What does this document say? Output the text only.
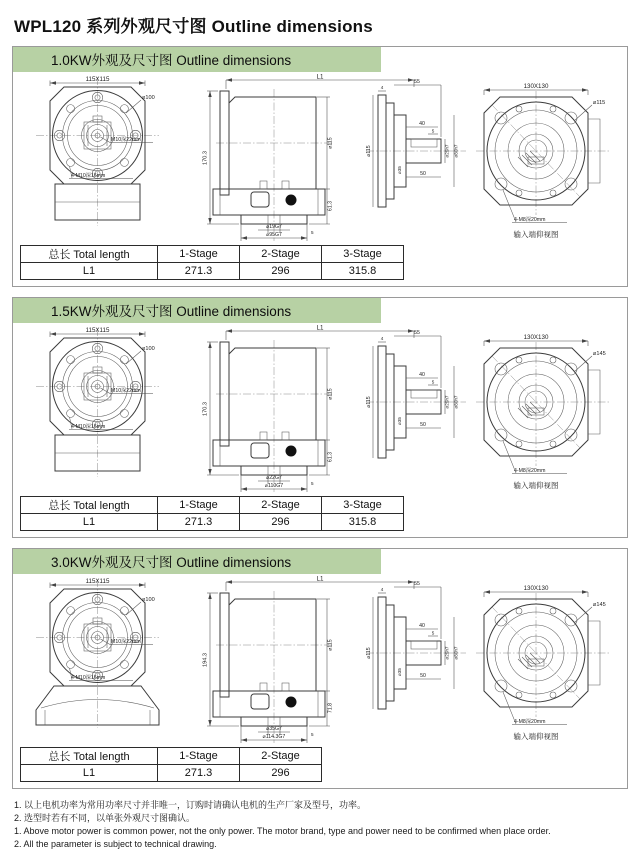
WPL120 系列外观尺寸图 Outline dimensions
1.0KW外观及尺寸图 Outline dimensions
115X115
⌀100
M10深22mm
4-M10深16mm
L1
170.3
⌀115
61.3
⌀19G7
⌀95G7	5
55
4
40
5
50
⌀35
⌀115	⌀25h7 ⌀80h7
130X130
⌀115
4-M8深20mm
输入端仰视图
总长 Total length	1-Stage	2-Stage	3-Stage
L1	271.3	296	315.8
1.5KW外观及尺寸图 Outline dimensions
115X115
⌀100
M10深22mm
4-M10深16mm
L1
170.3
⌀115
61.3
⌀22G7
⌀110G7	5
55
4
40
5
50
⌀35
⌀115	⌀25h7 ⌀80h7
130X130
⌀145
4-M8深20mm
输入端仰视图
总长 Total length	1-Stage	2-Stage	3-Stage
L1	271.3	296	315.8
3.0KW外观及尺寸图 Outline dimensions
115X115
⌀100
M10深22mm
4-M10深16mm
L1
194.3
⌀115
71.8
⌀35G7
⌀114.3G7	5
55
4
40
5
50
⌀35
⌀115	⌀25h7 ⌀80h7
130X130
⌀145
4-M8深20mm
输入端仰视图
总长 Total length	1-Stage	2-Stage
L1	271.3	296
1. 以上电机功率为常用功率尺寸并非唯一，订购时请确认电机的生产厂家及型号，功率。
2. 选型时若有不同，以单张外观尺寸图确认。
1. Above motor power is common power, not the only power. The motor brand, type and power need to be confirmed when place order.
2. All the parameter is subject to technical drawing.
